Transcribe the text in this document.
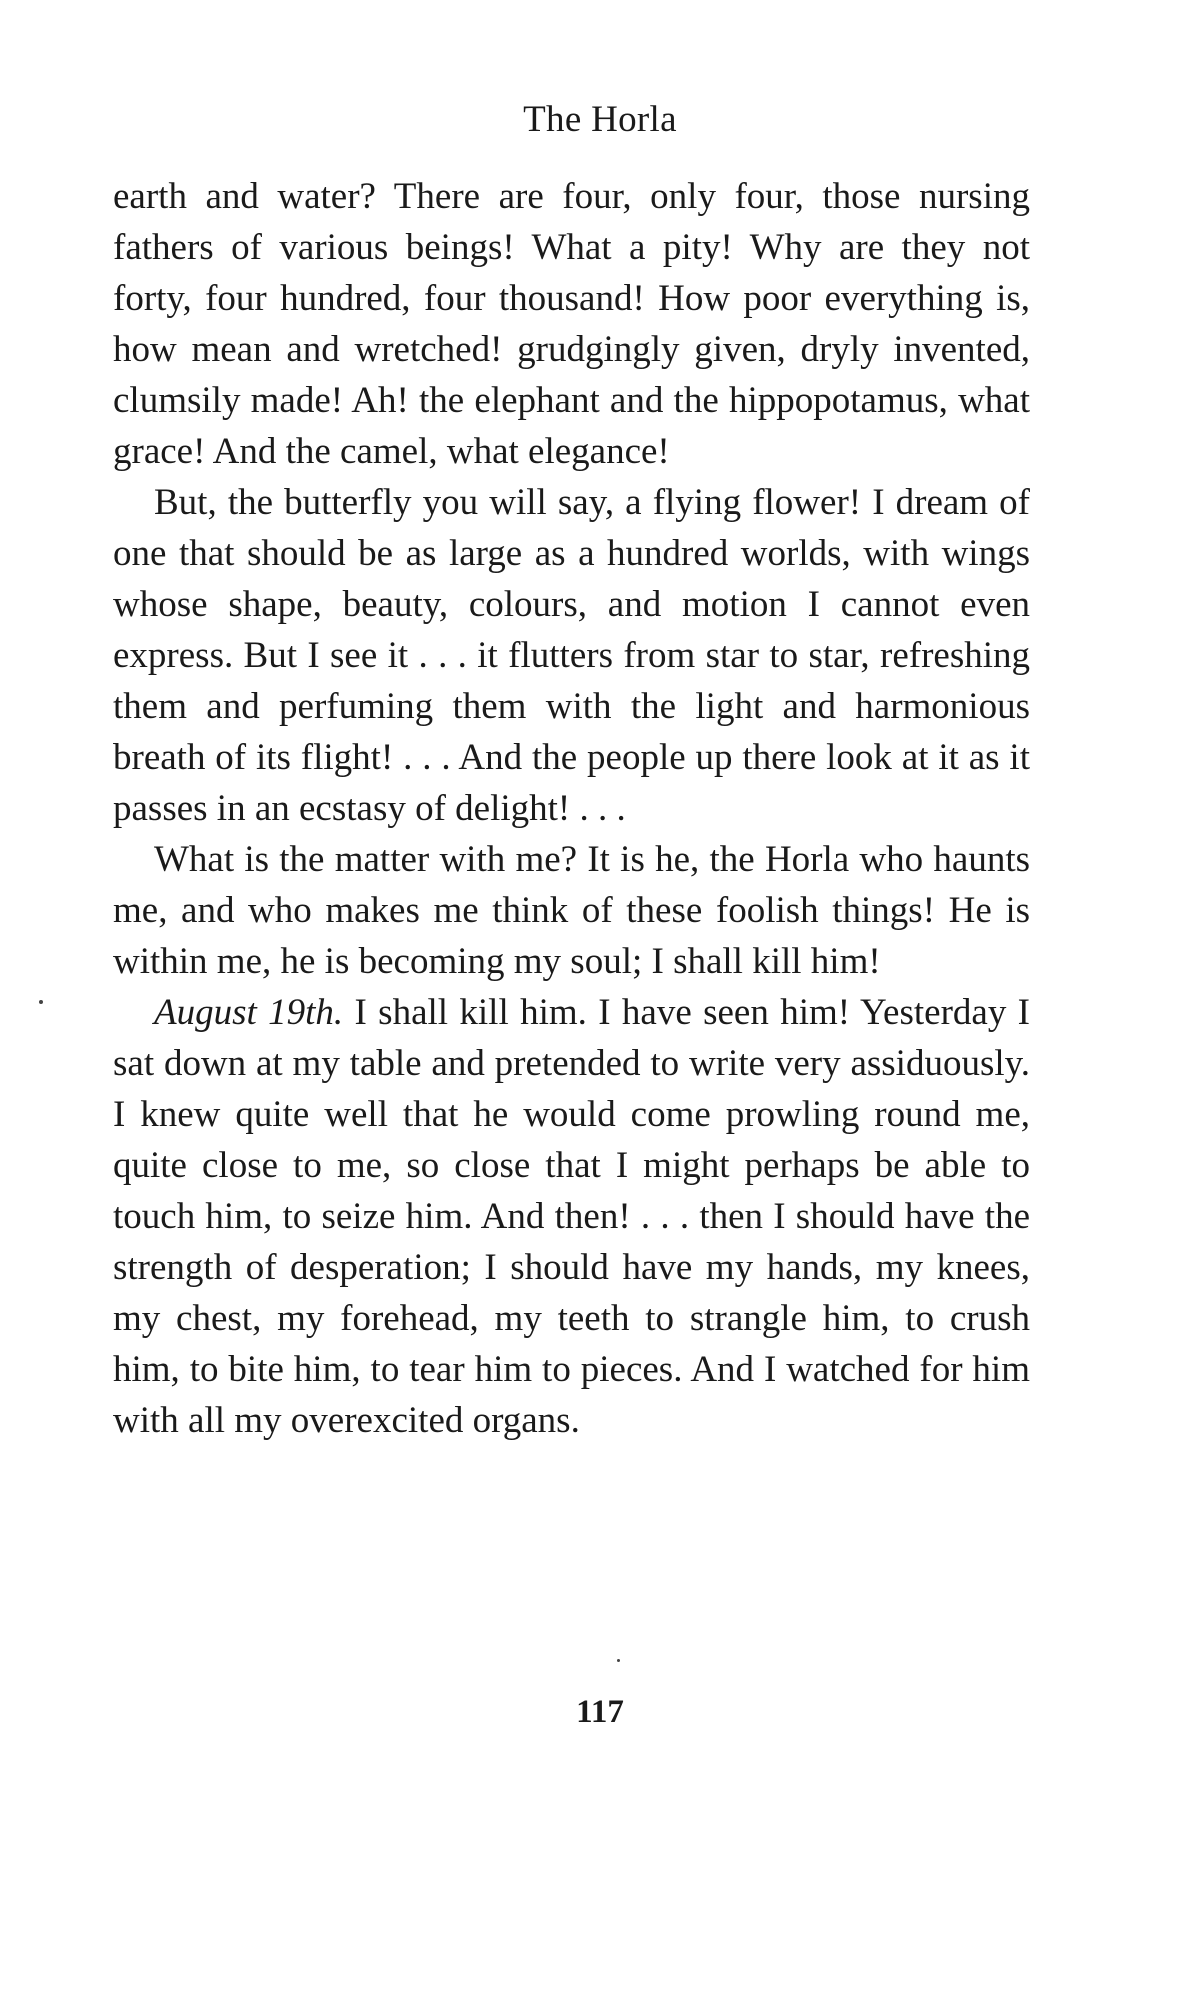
The Horla

earth and water? There are four, only four, those nursing fathers of various beings! What a pity! Why are they not forty, four hundred, four thousand! How poor everything is, how mean and wretched! grudgingly given, dryly invented, clumsily made! Ah! the elephant and the hippopotamus, what grace! And the camel, what elegance!

But, the butterfly you will say, a flying flower! I dream of one that should be as large as a hundred worlds, with wings whose shape, beauty, colours, and motion I cannot even express. But I see it . . . it flutters from star to star, refreshing them and perfuming them with the light and harmonious breath of its flight! . . . And the people up there look at it as it passes in an ecstasy of delight! . . .

What is the matter with me? It is he, the Horla who haunts me, and who makes me think of these foolish things! He is within me, he is becoming my soul; I shall kill him!

August 19th. I shall kill him. I have seen him! Yesterday I sat down at my table and pretended to write very assiduously. I knew quite well that he would come prowling round me, quite close to me, so close that I might perhaps be able to touch him, to seize him. And then! . . . then I should have the strength of desperation; I should have my hands, my knees, my chest, my forehead, my teeth to strangle him, to crush him, to bite him, to tear him to pieces. And I watched for him with all my overexcited organs.

117
